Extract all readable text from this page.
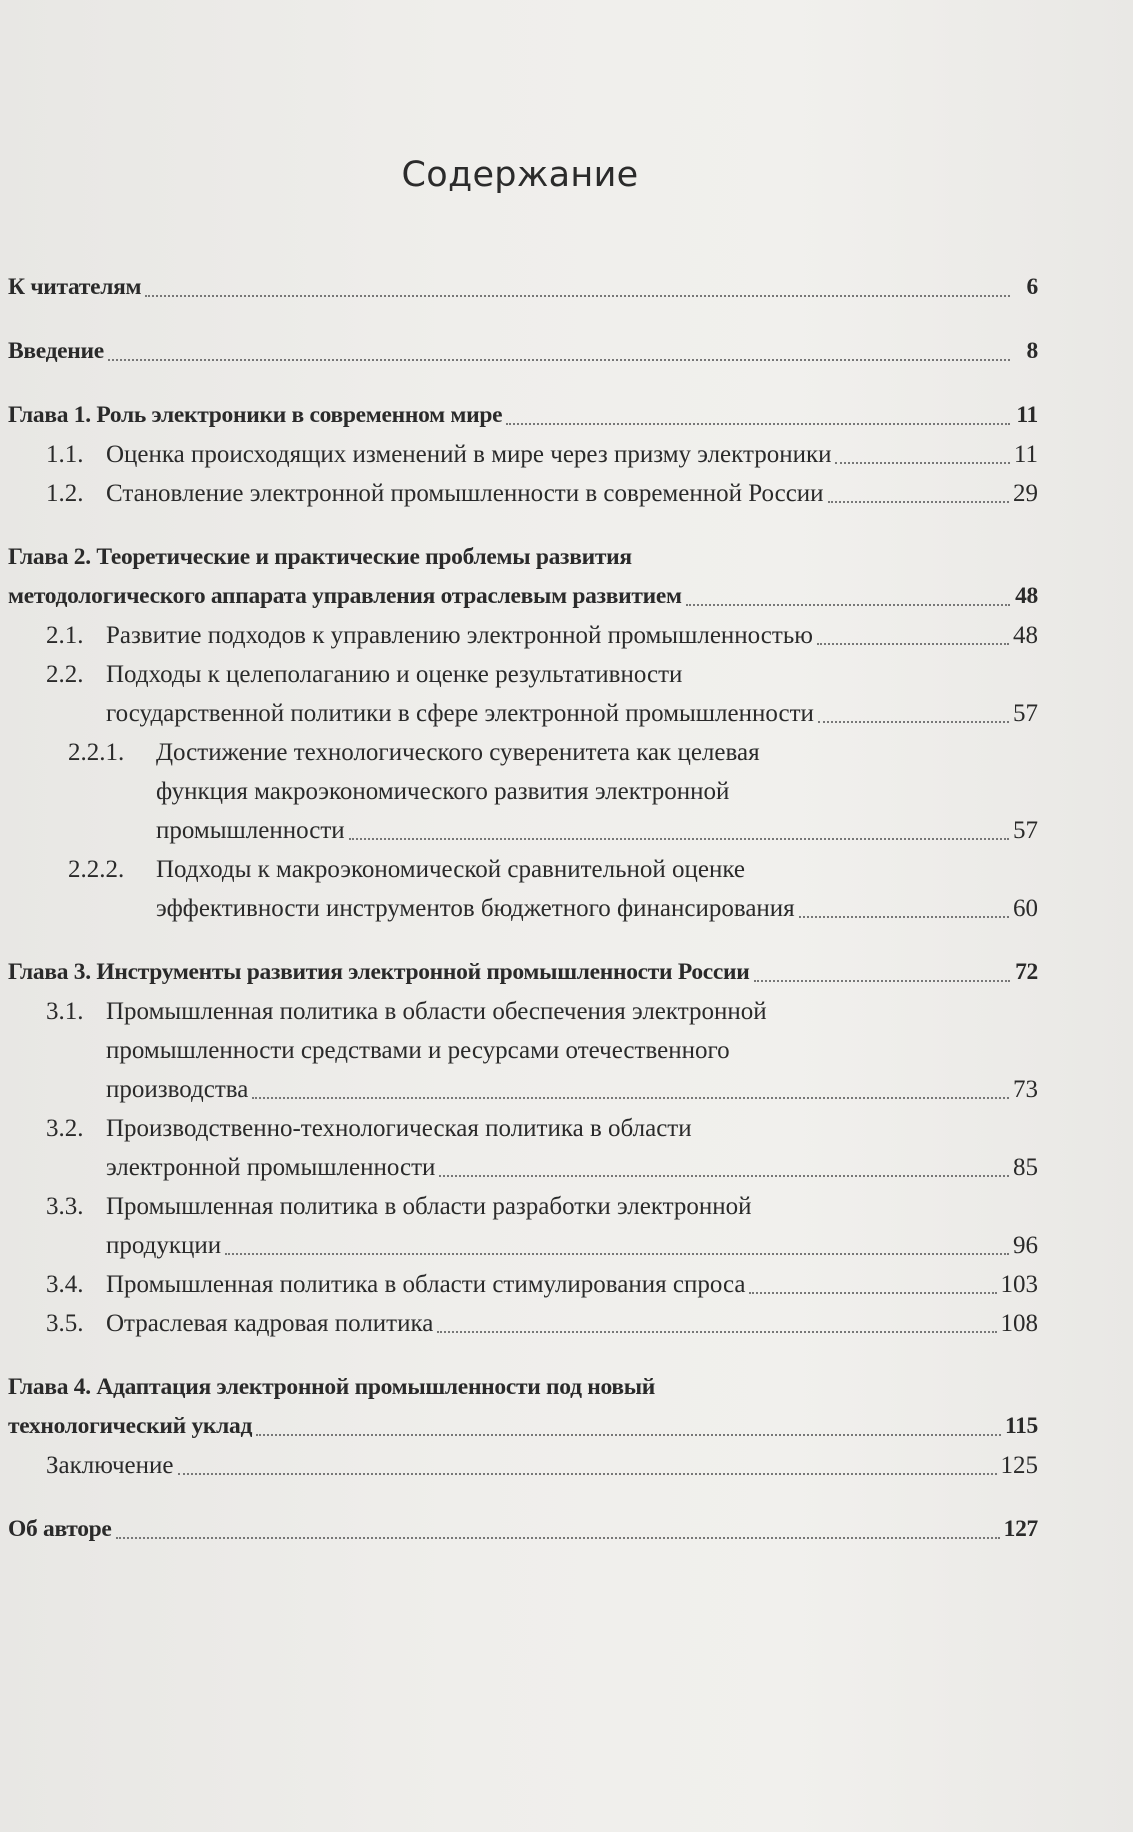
Содержание
К читателям	6
Введение	8
Глава 1. Роль электроники в современном мире	11
1.1. Оценка происходящих изменений в мире через призму электроники	11
1.2. Становление электронной промышленности в современной России	29
Глава 2. Теоретические и практические проблемы развития
методологического аппарата управления отраслевым развитием	48
2.1. Развитие подходов к управлению электронной промышленностью	48
2.2. Подходы к целеполаганию и оценке результативности
государственной политики в сфере электронной промышленности	57
2.2.1.	Достижение технологического суверенитета как целевая
функция макроэкономического развития электронной
промышленности	57
2.2.2.	Подходы к макроэкономической сравнительной оценке
эффективности инструментов бюджетного финансирования	60
Глава 3. Инструменты развития электронной промышленности России	72
3.1. Промышленная политика в области обеспечения электронной
промышленности средствами и ресурсами отечественного
производства	73
3.2. Производственно-технологическая политика в области
электронной промышленности	85
3.3. Промышленная политика в области разработки электронной
продукции	96
3.4. Промышленная политика в области стимулирования спроса	103
3.5. Отраслевая кадровая политика	108
Глава 4. Адаптация электронной промышленности под новый
технологический уклад	115
Заключение	125
Об авторе	127
